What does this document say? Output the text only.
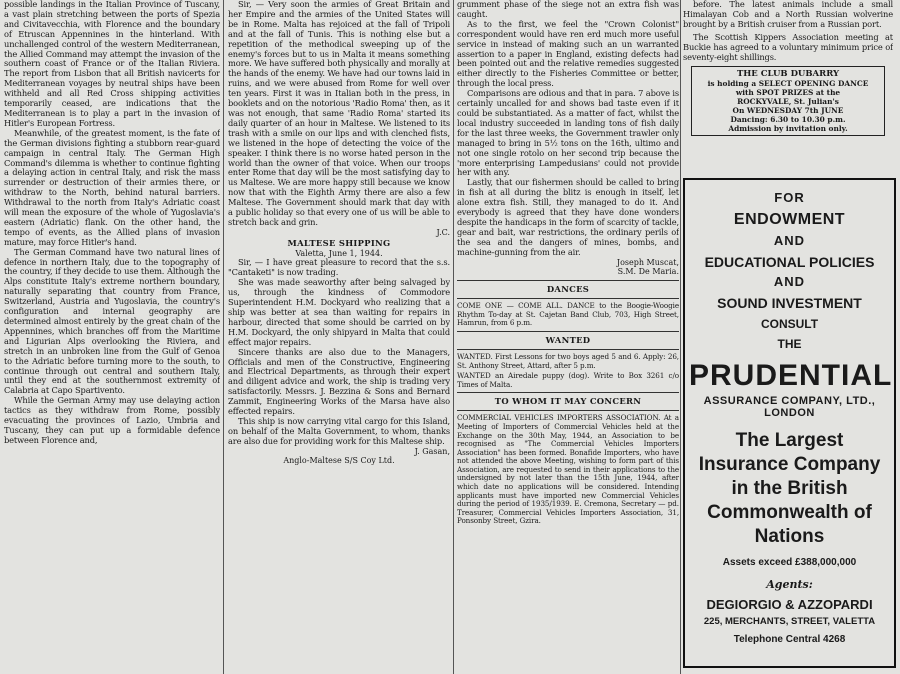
possible landings in the Italian Province of Tuscany, a vast plain stretching between the ports of Spezia and Civitavecchia, with Florence and the boundary of Etruscan Appennines in the hinterland. With unchallenged control of the western Mediterranean, the Allied Command may attempt the invasion of the southern coast of France or of the Italian Riviera. The report from Lisbon that all British navicerts for Mediterranean voyages by neutral ships have been withheld and all Red Cross shipping activities temporarily ceased, are indications that the Mediterranean is to play a part in the invasion of Hitler's European Fortress.

Meanwhile, of the greatest moment, is the fate of the German divisions fighting a stubborn rear-guard campaign in central Italy. The German High Command's dilemma is whether to continue fighting a delaying action in central Italy, and risk the mass surrender or destruction of their armies there, or withdraw to the North, behind natural barriers. Withdrawal to the north from Italy's Adriatic coast will mean the exposure of the whole of Yugoslavia's eastern (Adriatic) flank. On the other hand, the tempo of events, as the Allied plans of invasion mature, may force Hitler's hand.

The German Command have two natural lines of defence in northern Italy, due to the topography of the country, if they decide to use them. Although the Alps constitute Italy's extreme northern boundary, naturally separating that country from France, Switzerland, Austria and Yugoslavia, the country's configuration and internal geography are determined almost entirely by the great chain of the Appennines, which branches off from the Maritime and Ligurian Alps overlooking the Riviera, and stretch in an unbroken line from the Gulf of Genoa to the Adriatic before turning more to the south, to continue through out central and southern Italy, until they end at the southernmost extremity of Calabria at Capo Spartivento.

While the German Army may use delaying action tactics as they withdraw from Rome, possibly evacuating the provinces of Lazio, Umbria and Tuscany, they can put up a formidable defence between Florence and,

Sir, — Very soon the armies of Great Britain and her Empire and the armies of the United States will be in Rome. Malta has rejoiced at the fall of Tripoli and at the fall of Tunis. This is nothing else but a repetition of the methodical sweeping up of the enemy's forces but to us in Malta it means something more. We have suffered both physically and morally at the hands of the enemy. We have had our towns laid in ruins, and we were abused from Rome for well over ten years. First it was in Italian both in the press, in booklets and on the notorious 'Radio Roma' then, as it was not enough, that same 'Radio Roma' started its daily quarter of an hour in Maltese. We listened to its trash with a smile on our lips and with clenched fists, we listened in the hope of detecting the voice of the speaker. I think there is no worse hated person in the world than the owner of that voice. When our troops enter Rome that day will be the most satisfying day to us Maltese. We are more happy still because we know now that with the Eighth Army there are also a few Maltese. The Government should mark that day with a public holiday so that every one of us will be able to stretch back and grin.

J.C.
MALTESE SHIPPING
Valetta, June 1, 1944.

Sir, — I have great pleasure to record that the s.s. "Cantaketi" is now trading.

She was made seaworthy after being salvaged by us, through the kindness of Commodore Superintendent H.M. Dockyard who realizing that a ship was better at sea than waiting for repairs in harbour, directed that some should be carried on by H.M. Dockyard, the only shipyard in Malta that could effect major repairs.

Sincere thanks are also due to the Managers, Officials and men of the Constructive, Engineering and Electrical Departments, as through their expert and diligent advice and work, the ship is trading very satisfactorily. Messrs. J. Bezzina & Sons and Bernard Zammit, Engineering Works of the Marsa have also effected repairs.

This ship is now carrying vital cargo for this Island, on behalf of the Malta Government, to whom, thanks are also due for providing work for this Maltese ship.

J. Gasan,
Anglo-Maltese S/S Coy Ltd.

grumment phase of the siege not an extra fish was caught.

As to the first, we feel the "Crown Colonist" correspondent would have ren erd much more useful service in instead of making such an un warranted assertion to a paper in England, existing defects had been pointed out and the relative remedies suggested either directly to the Fisheries Committee or better, through the local press.

Comparisons are odious and that in para. 7 above is certainly uncalled for and shows bad taste even if it could be substantiated. As a matter of fact, whilst the local industry succeeded in landing tons of fish daily for the last three weeks, the Government trawler only managed to bring in 5½ tons on the 16th, ultimo and not one single rotolo on her second trip because the 'more enterprising Lampedusians' could not provide her with any.

Lastly, that our fishermen should be called to bring in fish at all during the blitz is enough in itself, let alone extra fish. Still, they managed to do it. And everybody is agreed that they have done wonders despite the handicaps in the form of scarcity of tackle, gear and bait, war restrictions, the ordinary perils of the sea and the dangers of mines, bombs, and machine-gunning from the air.

Joseph Muscat,
S.M. De Maria.
DANCES

COME ONE — COME ALL. DANCE to the Boogie-Woogie Rhythm To-day at St. Cajetan Band Club, 703, High Street, Hamrun, from 6 p.m.

WANTED

WANTED. First Lessons for two boys aged 5 and 6. Apply: 26, St. Anthony Street, Attard, after 5 p.m.

WANTED an Airedale puppy (dog). Write to Box 3261 c/o Times of Malta.

TO WHOM IT MAY CONCERN

COMMERCIAL VEHICLES IMPORTERS ASSOCIATION. At a Meeting of Importers of Commercial Vehicles held at the Exchange on the 30th May, 1944, an Association to be recognised as "The Commercial Vehicles Importers Association" has been formed. Bonafide Importers, who have not attended the above Meeting, wishing to form part of this Association, are requested to send in their applications to the undersigned by not later than the 15th June, 1944, after which date no applications will be considered. Intending applicants must have imported new Commercial Vehicles during the period of 1935/1939. E. Cremona, Secretary — pd. Treasurer, Commercial Vehicles Importers Association, 31, Ponsonby Street, Gzira.

before. The latest animals include a small Himalayan Cob and a North Russian wolverine brought by a British cruiser from a Russian port.

The Scottish Kippers Association meeting at Buckie has agreed to a voluntary minimum price of seventy-eight shillings.

THE CLUB DUBARRY
is holding a SELECT OPENING DANCE
with SPOT PRIZES at the
ROCKYVALE, St. Julian's
On WEDNESDAY 7th JUNE
Dancing: 6.30 to 10.30 p.m.
Admission by invitation only.
FOR
ENDOWMENT
AND
EDUCATIONAL POLICIES
AND
SOUND INVESTMENT
CONSULT
THE
PRUDENTIAL
ASSURANCE COMPANY, LTD., LONDON
The Largest Insurance Company in the British Commonwealth of Nations
Assets exceed £388,000,000
Agents:
DEGIORGIO & AZZOPARDI
225, MERCHANTS, STREET, VALETTA
Telephone Central 4268
